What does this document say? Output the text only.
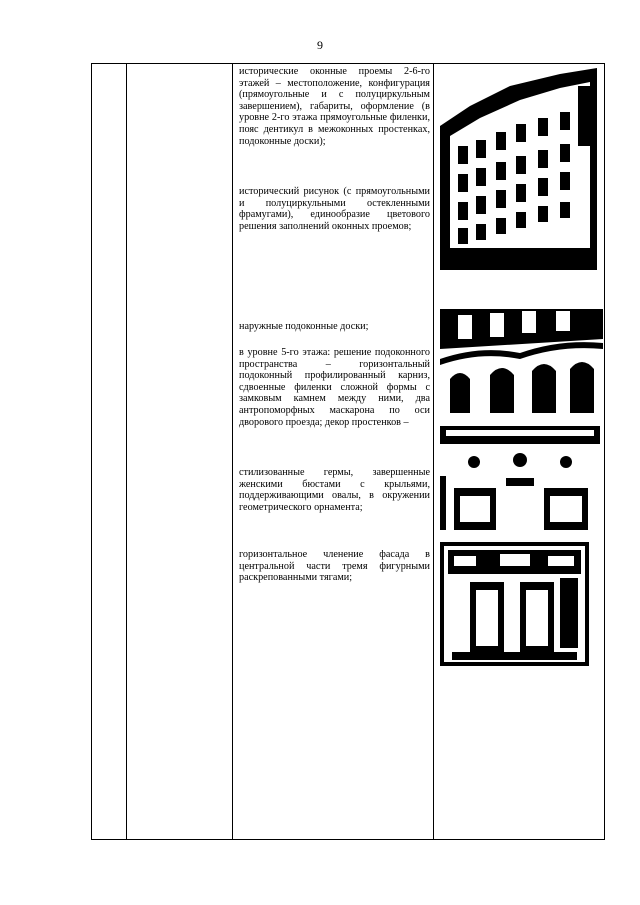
9

исторические оконные проемы 2-6-го этажей – местоположение, конфигурация (прямоугольные и с полуциркульным завершением), габариты, оформление (в уровне 2-го этажа прямоугольные филенки, пояс дентикул в межоконных простенках, подоконные доски);

исторический рисунок (с прямоугольными и полуциркульными остекленными фрамугами), единообразие цветового решения заполнений оконных проемов;

наружные подоконные доски;

в уровне 5-го этажа: решение подоконного пространства – горизонтальный подоконный профилированный карниз, сдвоенные филенки сложной формы с замковым камнем между ними, два антропоморфных маскарона по оси дворового проезда; декор простенков –

стилизованные гермы, завершенные женскими бюстами с крыльями, поддерживающими овалы, в окружении геометрического орнамента;

горизонтальное членение фасада в центральной части тремя фигурными раскрепованными тягами;
